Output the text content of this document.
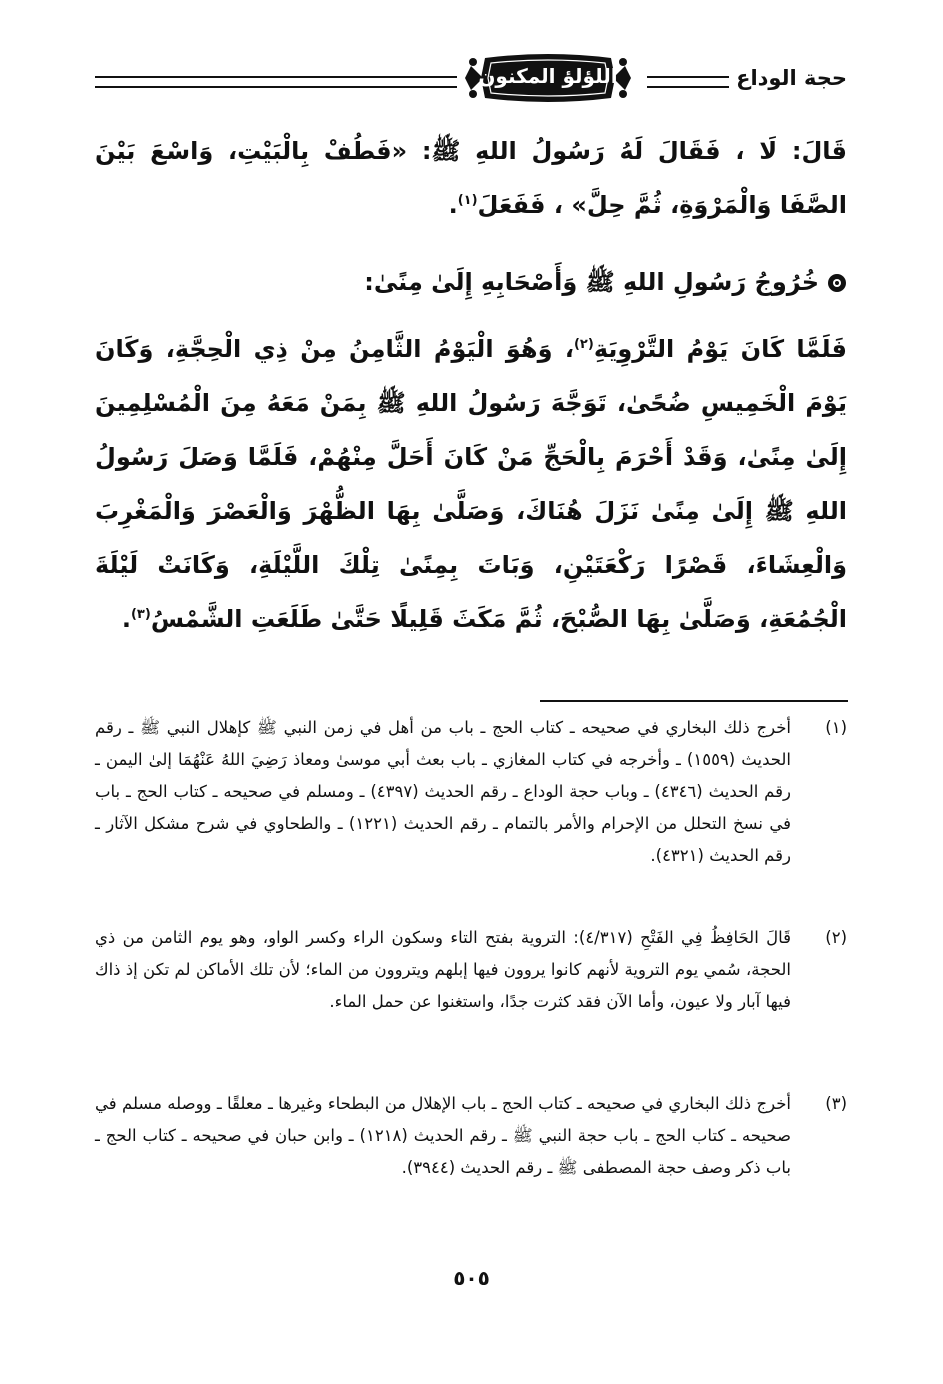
حجة الوداع
اللؤلؤ المكنون
قَالَ: لَا ، فَقَالَ لَهُ رَسُولُ اللهِ ﷺ: «فَطُفْ بِالْبَيْتِ، وَاسْعَ بَيْنَ الصَّفَا وَالْمَرْوَةِ، ثُمَّ حِلَّ» ، فَفَعَلَ$^{(١)}$.
خُرُوجُ رَسُولِ اللهِ ﷺ وَأَصْحَابِهِ إِلَىٰ مِنًىٰ:
فَلَمَّا كَانَ يَوْمُ التَّرْوِيَةِ$^{(٢)}$، وَهُوَ الْيَوْمُ الثَّامِنُ مِنْ ذِي الْحِجَّةِ، وَكَانَ يَوْمَ الْخَمِيسِ ضُحًىٰ، تَوَجَّهَ رَسُولُ اللهِ ﷺ بِمَنْ مَعَهُ مِنَ الْمُسْلِمِينَ إِلَىٰ مِنًىٰ، وَقَدْ أَحْرَمَ بِالْحَجِّ مَنْ كَانَ أَحَلَّ مِنْهُمْ، فَلَمَّا وَصَلَ رَسُولُ اللهِ ﷺ إِلَىٰ مِنًىٰ نَزَلَ هُنَاكَ، وَصَلَّىٰ بِهَا الظُّهْرَ وَالْعَصْرَ وَالْمَغْرِبَ وَالْعِشَاءَ، قَصْرًا رَكْعَتَيْنِ، وَبَاتَ بِمِنًىٰ تِلْكَ اللَّيْلَةِ، وَكَانَتْ لَيْلَةَ الْجُمُعَةِ، وَصَلَّىٰ بِهَا الصُّبْحَ، ثُمَّ مَكَثَ قَلِيلًا حَتَّىٰ طَلَعَتِ الشَّمْسُ$^{(٣)}$.
(١)
أخرج ذلك البخاري في صحيحه ـ كتاب الحج ـ باب من أهل في زمن النبي ﷺ كإهلال النبي ﷺ ـ رقم الحديث (١٥٥٩) ـ وأخرجه في كتاب المغازي ـ باب بعث أبي موسىٰ ومعاذ رَضِيَ اللهُ عَنْهُمَا إلىٰ اليمن ـ رقم الحديث (٤٣٤٦) ـ وباب حجة الوداع ـ رقم الحديث (٤٣٩٧) ـ ومسلم في صحيحه ـ كتاب الحج ـ باب في نسخ التحلل من الإحرام والأمر بالتمام ـ رقم الحديث (١٢٢١) ـ والطحاوي في شرح مشكل الآثار ـ رقم الحديث (٤٣٢١).
(٢)
قَالَ الحَافِظُ فِي الفَتْحِ (٤/٣١٧): التروية بفتح التاء وسكون الراء وكسر الواو، وهو يوم الثامن من ذي الحجة، سُمي يوم التروية لأنهم كانوا يروون فيها إبلهم ويتروون من الماء؛ لأن تلك الأماكن لم تكن إذ ذاك فيها آبار ولا عيون، وأما الآن فقد كثرت جدًا، واستغنوا عن حمل الماء.
(٣)
أخرج ذلك البخاري في صحيحه ـ كتاب الحج ـ باب الإهلال من البطحاء وغيرها ـ معلقًا ـ ووصله مسلم في صحيحه ـ كتاب الحج ـ باب حجة النبي ﷺ ـ رقم الحديث (١٢١٨) ـ وابن حبان في صحيحه ـ كتاب الحج ـ باب ذكر وصف حجة المصطفى ﷺ ـ رقم الحديث (٣٩٤٤).
٥٠٥
